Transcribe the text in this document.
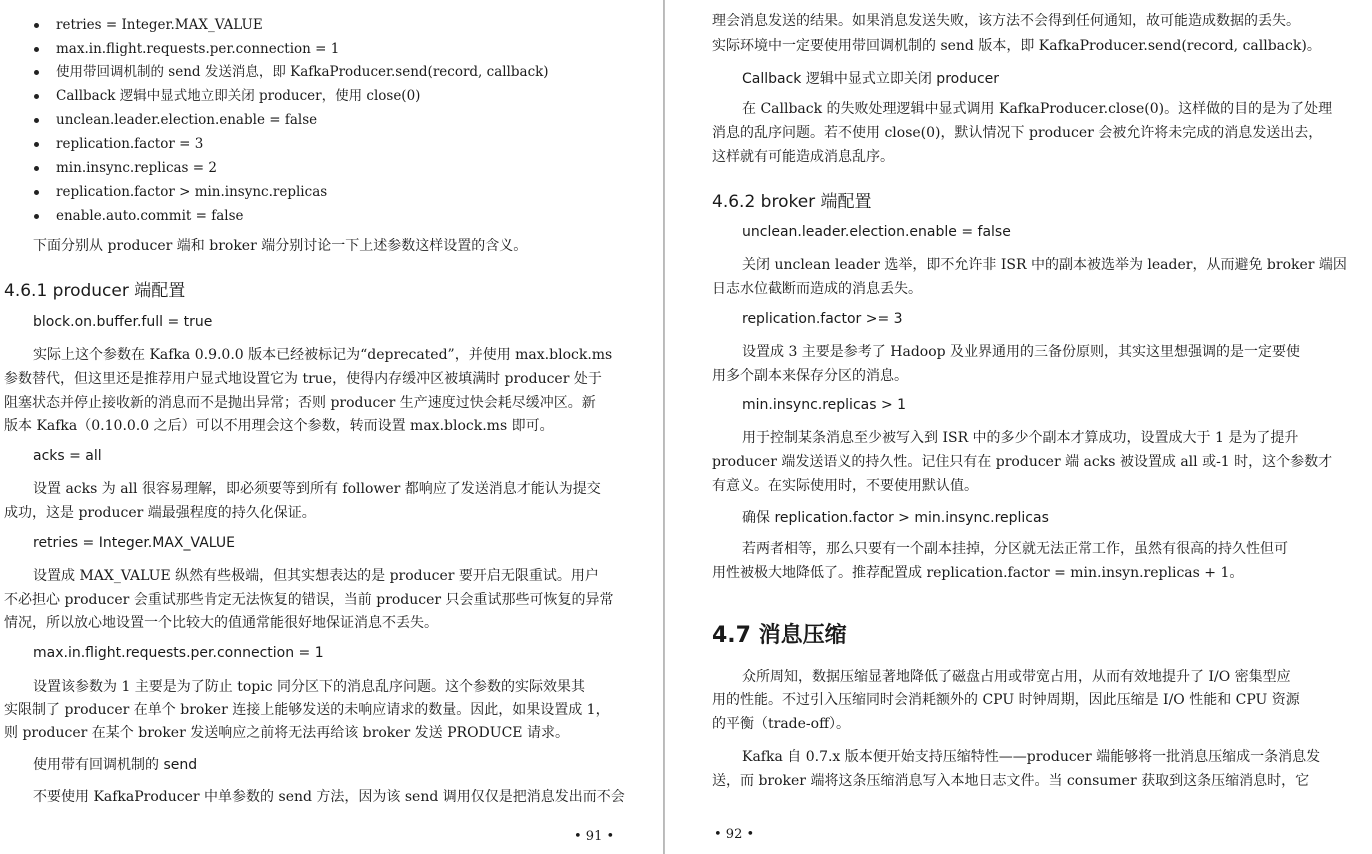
retries = Integer.MAX_VALUE
max.in.flight.requests.per.connection = 1
使用带回调机制的 send 发送消息，即 KafkaProducer.send(record, callback)
Callback 逻辑中显式地立即关闭 producer，使用 close(0)
unclean.leader.election.enable = false
replication.factor = 3
min.insync.replicas = 2
replication.factor > min.insync.replicas
enable.auto.commit = false
下面分别从 producer 端和 broker 端分别讨论一下上述参数这样设置的含义。
4.6.1 producer 端配置
block.on.buffer.full = true
实际上这个参数在 Kafka 0.9.0.0 版本已经被标记为“deprecated”，并使用 max.block.ms
参数替代，但这里还是推荐用户显式地设置它为 true，使得内存缓冲区被填满时 producer 处于
阻塞状态并停止接收新的消息而不是抛出异常；否则 producer 生产速度过快会耗尽缓冲区。新
版本 Kafka（0.10.0.0 之后）可以不用理会这个参数，转而设置 max.block.ms 即可。
acks = all
设置 acks 为 all 很容易理解，即必须要等到所有 follower 都响应了发送消息才能认为提交
成功，这是 producer 端最强程度的持久化保证。
retries = Integer.MAX_VALUE
设置成 MAX_VALUE 纵然有些极端，但其实想表达的是 producer 要开启无限重试。用户
不必担心 producer 会重试那些肯定无法恢复的错误，当前 producer 只会重试那些可恢复的异常
情况，所以放心地设置一个比较大的值通常能很好地保证消息不丢失。
max.in.flight.requests.per.connection = 1
设置该参数为 1 主要是为了防止 topic 同分区下的消息乱序问题。这个参数的实际效果其
实限制了 producer 在单个 broker 连接上能够发送的未响应请求的数量。因此，如果设置成 1，
则 producer 在某个 broker 发送响应之前将无法再给该 broker 发送 PRODUCE 请求。
使用带有回调机制的 send
不要使用 KafkaProducer 中单参数的 send 方法，因为该 send 调用仅仅是把消息发出而不会
• 91 •
理会消息发送的结果。如果消息发送失败，该方法不会得到任何通知，故可能造成数据的丢失。
实际环境中一定要使用带回调机制的 send 版本，即 KafkaProducer.send(record, callback)。
Callback 逻辑中显式立即关闭 producer
在 Callback 的失败处理逻辑中显式调用 KafkaProducer.close(0)。这样做的目的是为了处理
消息的乱序问题。若不使用 close(0)，默认情况下 producer 会被允许将未完成的消息发送出去，
这样就有可能造成消息乱序。
4.6.2 broker 端配置
unclean.leader.election.enable = false
关闭 unclean leader 选举，即不允许非 ISR 中的副本被选举为 leader，从而避免 broker 端因
日志水位截断而造成的消息丢失。
replication.factor >= 3
设置成 3 主要是参考了 Hadoop 及业界通用的三备份原则，其实这里想强调的是一定要使
用多个副本来保存分区的消息。
min.insync.replicas > 1
用于控制某条消息至少被写入到 ISR 中的多少个副本才算成功，设置成大于 1 是为了提升
producer 端发送语义的持久性。记住只有在 producer 端 acks 被设置成 all 或-1 时，这个参数才
有意义。在实际使用时，不要使用默认值。
确保 replication.factor > min.insync.replicas
若两者相等，那么只要有一个副本挂掉，分区就无法正常工作，虽然有很高的持久性但可
用性被极大地降低了。推荐配置成 replication.factor = min.insyn.replicas + 1。
4.7 消息压缩
众所周知，数据压缩显著地降低了磁盘占用或带宽占用，从而有效地提升了 I/O 密集型应
用的性能。不过引入压缩同时会消耗额外的 CPU 时钟周期，因此压缩是 I/O 性能和 CPU 资源
的平衡（trade-off）。
Kafka 自 0.7.x 版本便开始支持压缩特性——producer 端能够将一批消息压缩成一条消息发
送，而 broker 端将这条压缩消息写入本地日志文件。当 consumer 获取到这条压缩消息时，它
• 92 •
